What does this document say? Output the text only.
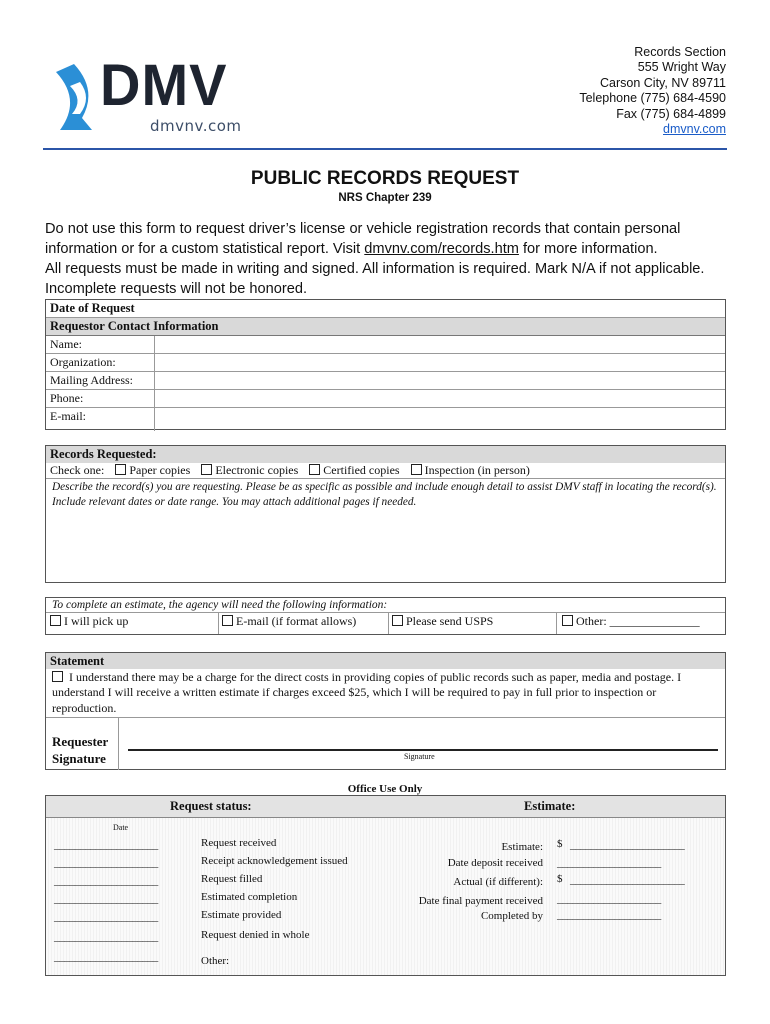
DMV
dmvnv.com
Records Section
555 Wright Way
Carson City, NV 89711
Telephone (775) 684-4590
Fax (775) 684-4899
dmvnv.com
PUBLIC RECORDS REQUEST
NRS Chapter 239
Do not use this form to request driver’s license or vehicle registration records that contain personal information or for a custom statistical report. Visit dmvnv.com/records.htm for more information.
All requests must be made in writing and signed. All information is required. Mark N/A if not applicable. Incomplete requests will not be honored.
Date of Request
Requestor Contact Information
Name:
Organization:
Mailing Address:
Phone:
E-mail:
Records Requested:
Check one: Paper copies Electronic copies Certified copies Inspection (in person)
Describe the record(s) you are requesting. Please be as specific as possible and include enough detail to assist DMV staff in locating the record(s). Include relevant dates or date range. You may attach additional pages if needed.
To complete an estimate, the agency will need the following information:
I will pick up	E-mail (if format allows)	Please send USPS	Other: _______________
Statement
I understand there may be a charge for the direct costs in providing copies of public records such as paper, media and postage. I understand I will receive a written estimate if charges exceed $25, which I will be required to pay in full prior to inspection or reproduction.
Requester
Signature	Signature
Office Use Only
Request status:	Estimate:
Date
____________________	Request received
____________________	Receipt acknowledgement issued
____________________	Request filled
____________________	Estimated completion
____________________	Estimate provided
____________________	Request denied in whole
____________________	Other:
Estimate: $ ______________________
Date deposit received ____________________
Actual (if different): $ ______________________
Date final payment received ____________________
Completed by ____________________
